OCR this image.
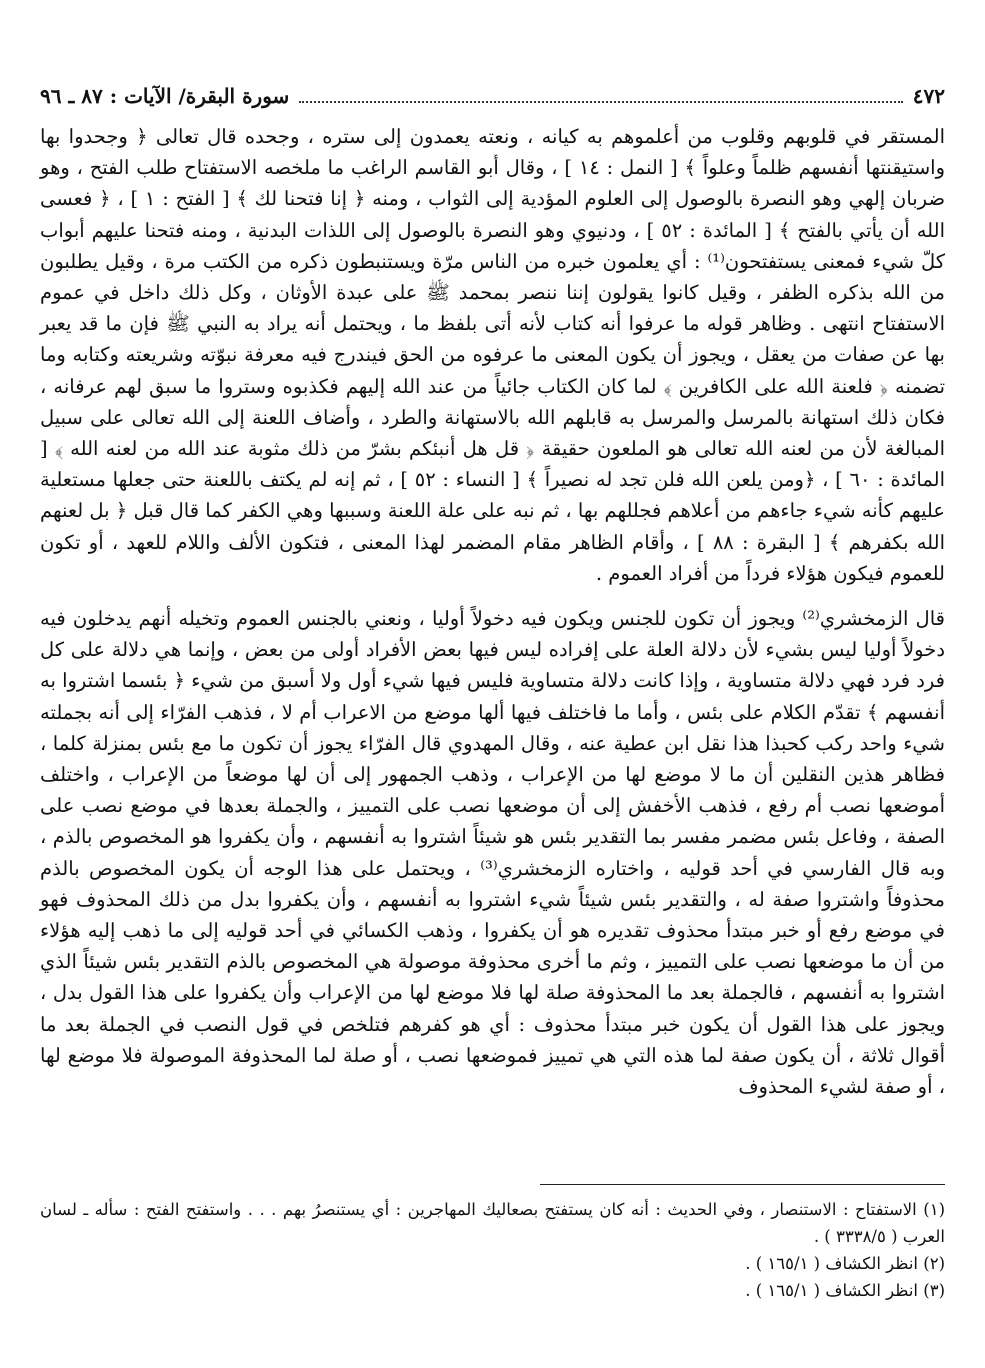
٤٧٢
سورة البقرة/ الآيات : ٨٧ ـ ٩٦

المستقر في قلوبهم وقلوب من أعلموهم به كيانه ، ونعته يعمدون إلى ستره ، وجحده قال تعالى ﴿ وجحدوا بها واستيقنتها أنفسهم ظلماً وعلواً ﴾ [ النمل : ١٤ ] ، وقال أبو القاسم الراغب ما ملخصه الاستفتاح طلب الفتح ، وهو ضربان إلهي وهو النصرة بالوصول إلى العلوم المؤدية إلى الثواب ، ومنه ﴿ إنا فتحنا لك ﴾ [ الفتح : ١ ] ، ﴿ فعسى الله أن يأتي بالفتح ﴾ [ المائدة : ٥٢ ] ، ودنيوي وهو النصرة بالوصول إلى اللذات البدنية ، ومنه فتحنا عليهم أبواب كلّ شيء فمعنى يستفتحون⁽¹⁾ : أي يعلمون خبره من الناس مرّة ويستنبطون ذكره من الكتب مرة ، وقيل يطلبون من الله بذكره الظفر ، وقيل كانوا يقولون إننا ننصر بمحمد ﷺ على عبدة الأوثان ، وكل ذلك داخل في عموم الاستفتاح انتهى . وظاهر قوله ما عرفوا أنه كتاب لأنه أتى بلفظ ما ، ويحتمل أنه يراد به النبي ﷺ فإن ما قد يعبر بها عن صفات من يعقل ، ويجوز أن يكون المعنى ما عرفوه من الحق فيندرج فيه معرفة نبوّته وشريعته وكتابه وما تضمنه ﴿ فلعنة الله على الكافرين ﴾ لما كان الكتاب جائياً من عند الله إليهم فكذبوه وستروا ما سبق لهم عرفانه ، فكان ذلك استهانة بالمرسل والمرسل به قابلهم الله بالاستهانة والطرد ، وأضاف اللعنة إلى الله تعالى على سبيل المبالغة لأن من لعنه الله تعالى هو الملعون حقيقة ﴿ قل هل أنبئكم بشرّ من ذلك مثوبة عند الله من لعنه الله ﴾ [ المائدة : ٦٠ ] ، ﴿ومن يلعن الله فلن تجد له نصيراً ﴾ [ النساء : ٥٢ ] ، ثم إنه لم يكتف باللعنة حتى جعلها مستعلية عليهم كأنه شيء جاءهم من أعلاهم فجللهم بها ، ثم نبه على علة اللعنة وسببها وهي الكفر كما قال قبل ﴿ بل لعنهم الله بكفرهم ﴾ [ البقرة : ٨٨ ] ، وأقام الظاهر مقام المضمر لهذا المعنى ، فتكون الألف واللام للعهد ، أو تكون للعموم فيكون هؤلاء فرداً من أفراد العموم .

قال الزمخشري⁽²⁾ ويجوز أن تكون للجنس ويكون فيه دخولاً أوليا ، ونعني بالجنس العموم وتخيله أنهم يدخلون فيه دخولاً أوليا ليس بشيء لأن دلالة العلة على إفراده ليس فيها بعض الأفراد أولى من بعض ، وإنما هي دلالة على كل فرد فرد فهي دلالة متساوية ، وإذا كانت دلالة متساوية فليس فيها شيء أول ولا أسبق من شيء ﴿ بئسما اشتروا به أنفسهم ﴾ تقدّم الكلام على بئس ، وأما ما فاختلف فيها ألها موضع من الاعراب أم لا ، فذهب الفرّاء إلى أنه بجملته شيء واحد ركب كحبذا هذا نقل ابن عطية عنه ، وقال المهدوي قال الفرّاء يجوز أن تكون ما مع بئس بمنزلة كلما ، فظاهر هذين النقلين أن ما لا موضع لها من الإعراب ، وذهب الجمهور إلى أن لها موضعاً من الإعراب ، واختلف أموضعها نصب أم رفع ، فذهب الأخفش إلى أن موضعها نصب على التمييز ، والجملة بعدها في موضع نصب على الصفة ، وفاعل بئس مضمر مفسر بما التقدير بئس هو شيئاً اشتروا به أنفسهم ، وأن يكفروا هو المخصوص بالذم ، وبه قال الفارسي في أحد قوليه ، واختاره الزمخشري⁽³⁾ ، ويحتمل على هذا الوجه أن يكون المخصوص بالذم محذوفاً واشتروا صفة له ، والتقدير بئس شيئاً شيء اشتروا به أنفسهم ، وأن يكفروا بدل من ذلك المحذوف فهو في موضع رفع أو خبر مبتدأ محذوف تقديره هو أن يكفروا ، وذهب الكسائي في أحد قوليه إلى ما ذهب إليه هؤلاء من أن ما موضعها نصب على التمييز ، وثم ما أخرى محذوفة موصولة هي المخصوص بالذم التقدير بئس شيئاً الذي اشتروا به أنفسهم ، فالجملة بعد ما المحذوفة صلة لها فلا موضع لها من الإعراب وأن يكفروا على هذا القول بدل ، ويجوز على هذا القول أن يكون خبر مبتدأ محذوف : أي هو كفرهم فتلخص في قول النصب في الجملة بعد ما أقوال ثلاثة ، أن يكون صفة لما هذه التي هي تمييز فموضعها نصب ، أو صلة لما المحذوفة الموصولة فلا موضع لها ، أو صفة لشيء المحذوف

(١) الاستفتاح : الاستنصار ، وفي الحديث : أنه كان يستفتح بصعاليك المهاجرين : أي يستنصرُ بهم . . . واستفتح الفتح : سأله ـ لسان العرب ( ٣٣٣٨/٥ ) .

(٢) انظر الكشاف ( ١٦٥/١ ) .

(٣) انظر الكشاف ( ١٦٥/١ ) .
